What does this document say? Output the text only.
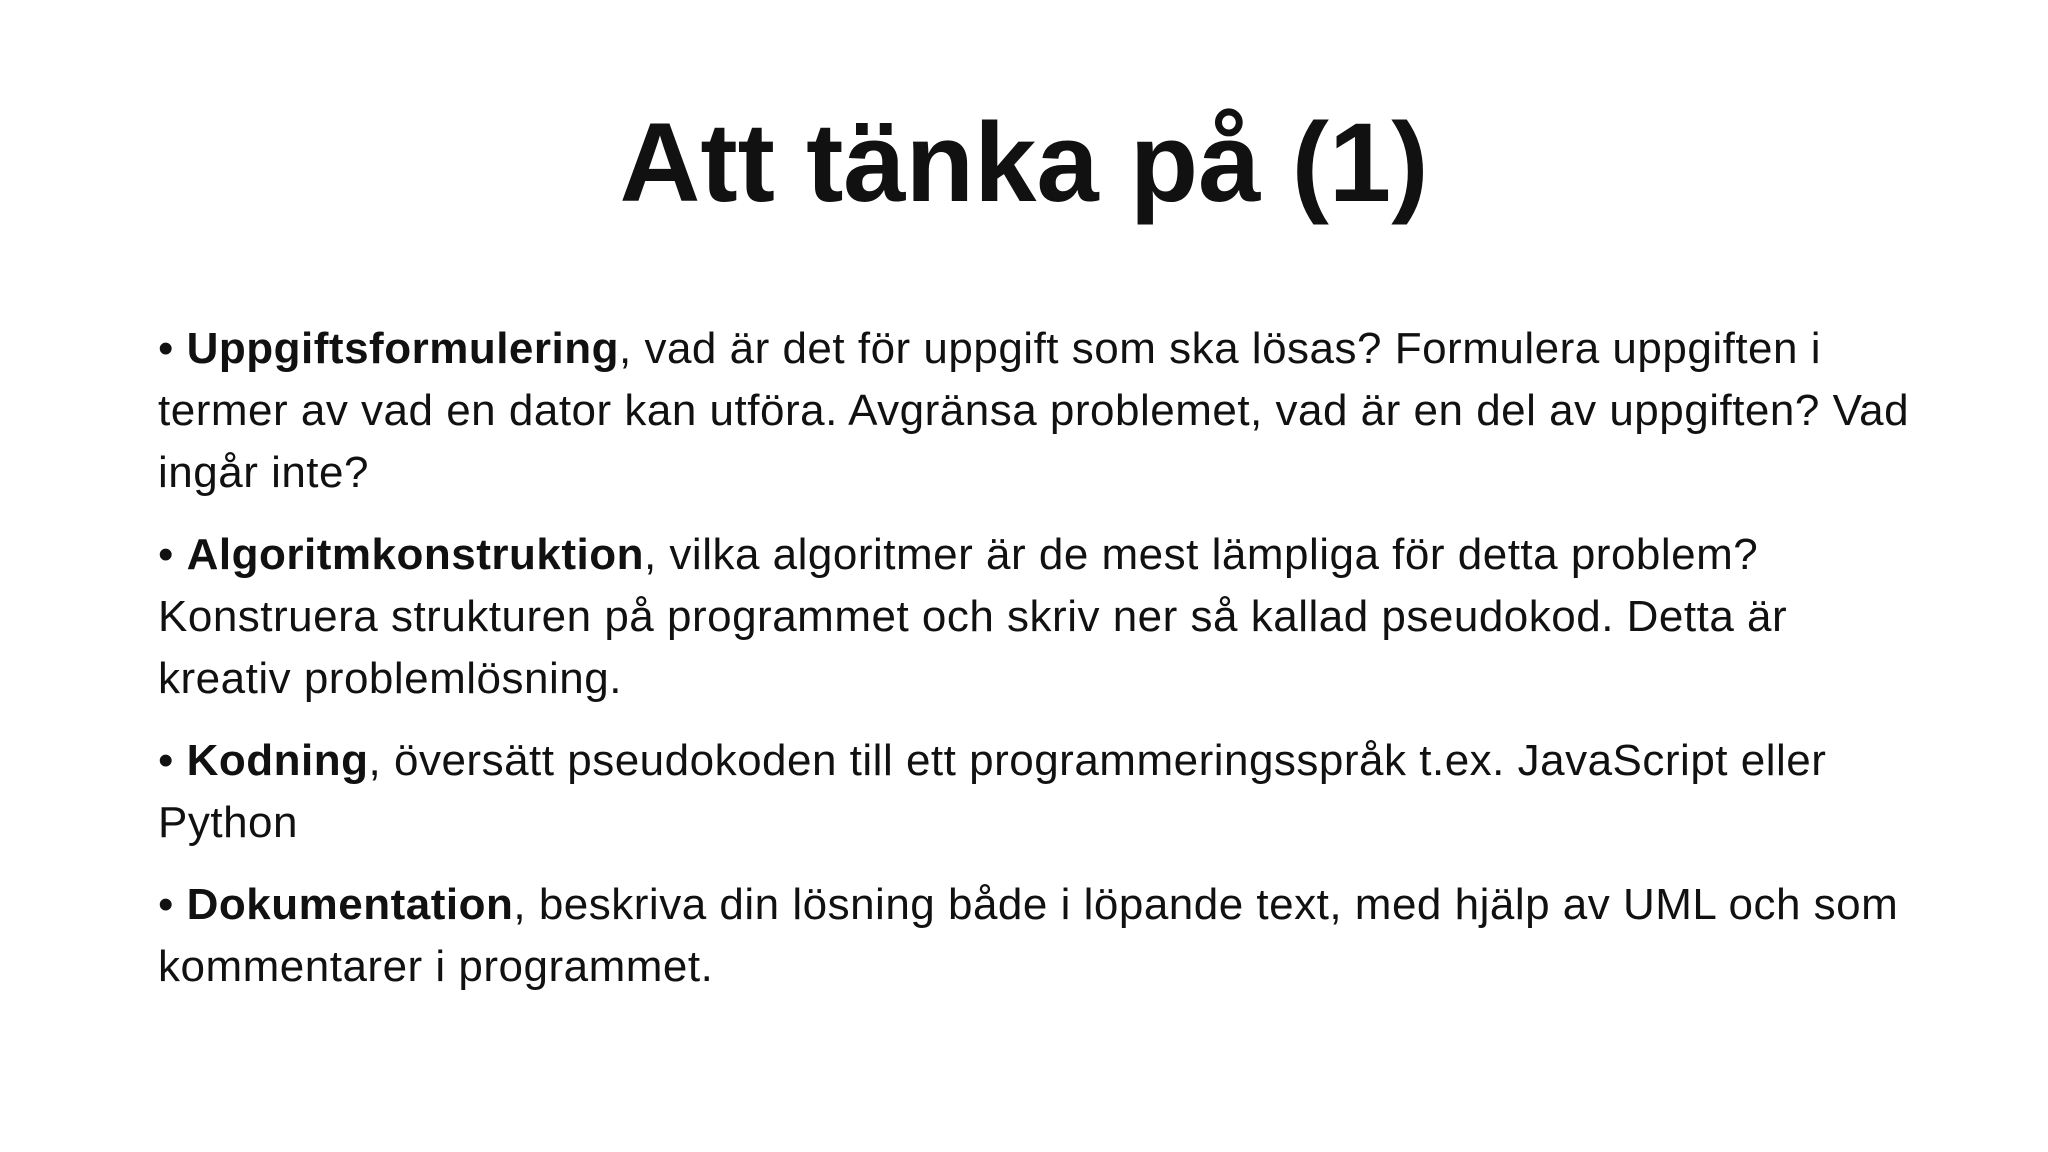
Att tänka på (1)
• Uppgiftsformulering, vad är det för uppgift som ska lösas? Formulera uppgiften i termer av vad en dator kan utföra. Avgränsa problemet, vad är en del av uppgiften? Vad ingår inte?
• Algoritmkonstruktion, vilka algoritmer är de mest lämpliga för detta problem? Konstruera strukturen på programmet och skriv ner så kallad pseudokod. Detta är kreativ problemlösning.
• Kodning, översätt pseudokoden till ett programmeringsspråk t.ex. JavaScript eller Python
• Dokumentation, beskriva din lösning både i löpande text, med hjälp av UML och som kommentarer i programmet.
